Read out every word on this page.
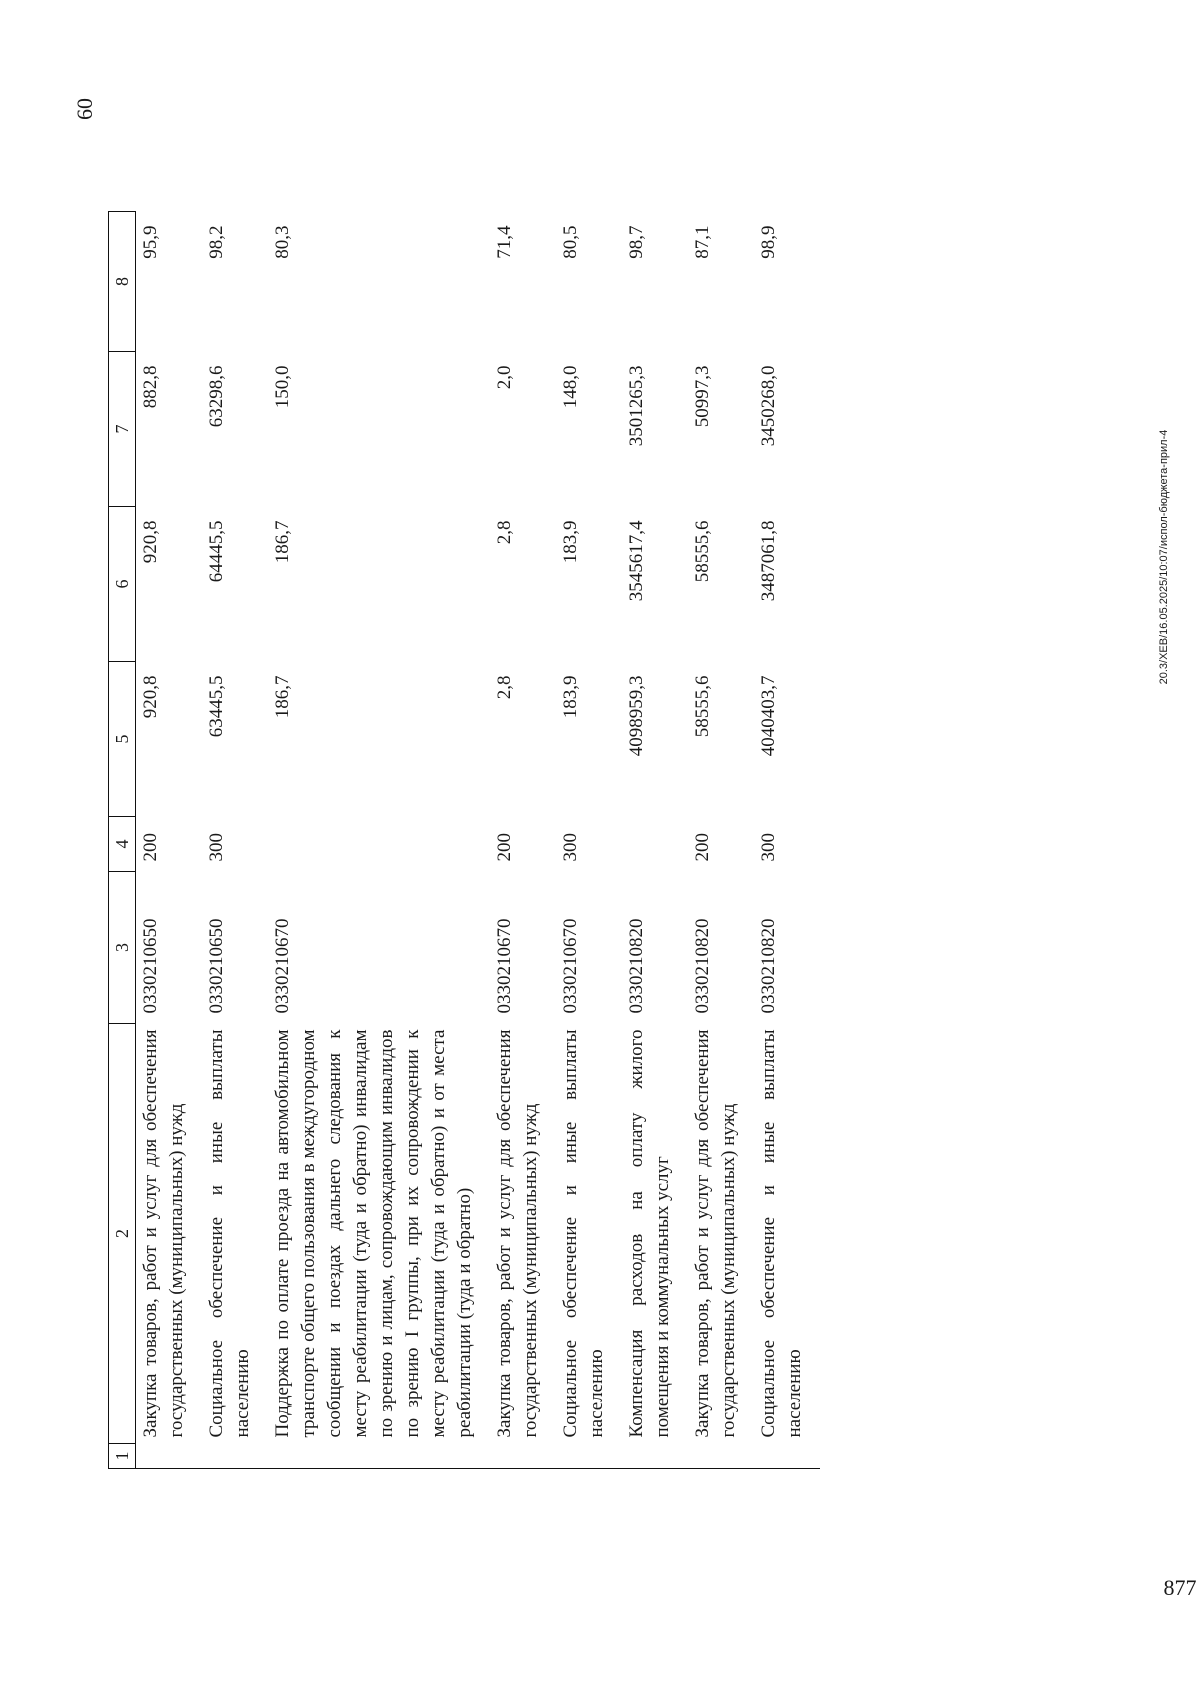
60
1	2	3	4	5	6	7	8
	Закупка товаров, работ и услуг для обеспечения государственных (муниципальных) нужд	0330210650	200	920,8	920,8	882,8	95,9
	Социальное обеспечение и иные выплаты населению	0330210650	300	63445,5	64445,5	63298,6	98,2
	Поддержка по оплате проезда на автомобильном транспорте общего пользования в междугородном сообщении и поездах дальнего следования к месту реабилитации (туда и обратно) инвалидам по зрению и лицам, сопровождающим инвалидов по зрению I группы, при их сопровождении к месту реабилитации (туда и обратно) и от места реабилитации (туда и обратно)	0330210670		186,7	186,7	150,0	80,3
	Закупка товаров, работ и услуг для обеспечения государственных (муниципальных) нужд	0330210670	200	2,8	2,8	2,0	71,4
	Социальное обеспечение и иные выплаты населению	0330210670	300	183,9	183,9	148,0	80,5
	Компенсация расходов на оплату жилого помещения и коммунальных услуг	0330210820		4098959,3	3545617,4	3501265,3	98,7
	Закупка товаров, работ и услуг для обеспечения государственных (муниципальных) нужд	0330210820	200	58555,6	58555,6	50997,3	87,1
	Социальное обеспечение и иные выплаты населению	0330210820	300	4040403,7	3487061,8	3450268,0	98,9
20.3/ХЕВ/16.05.2025/10:07/испол-бюджета-прил-4
877
